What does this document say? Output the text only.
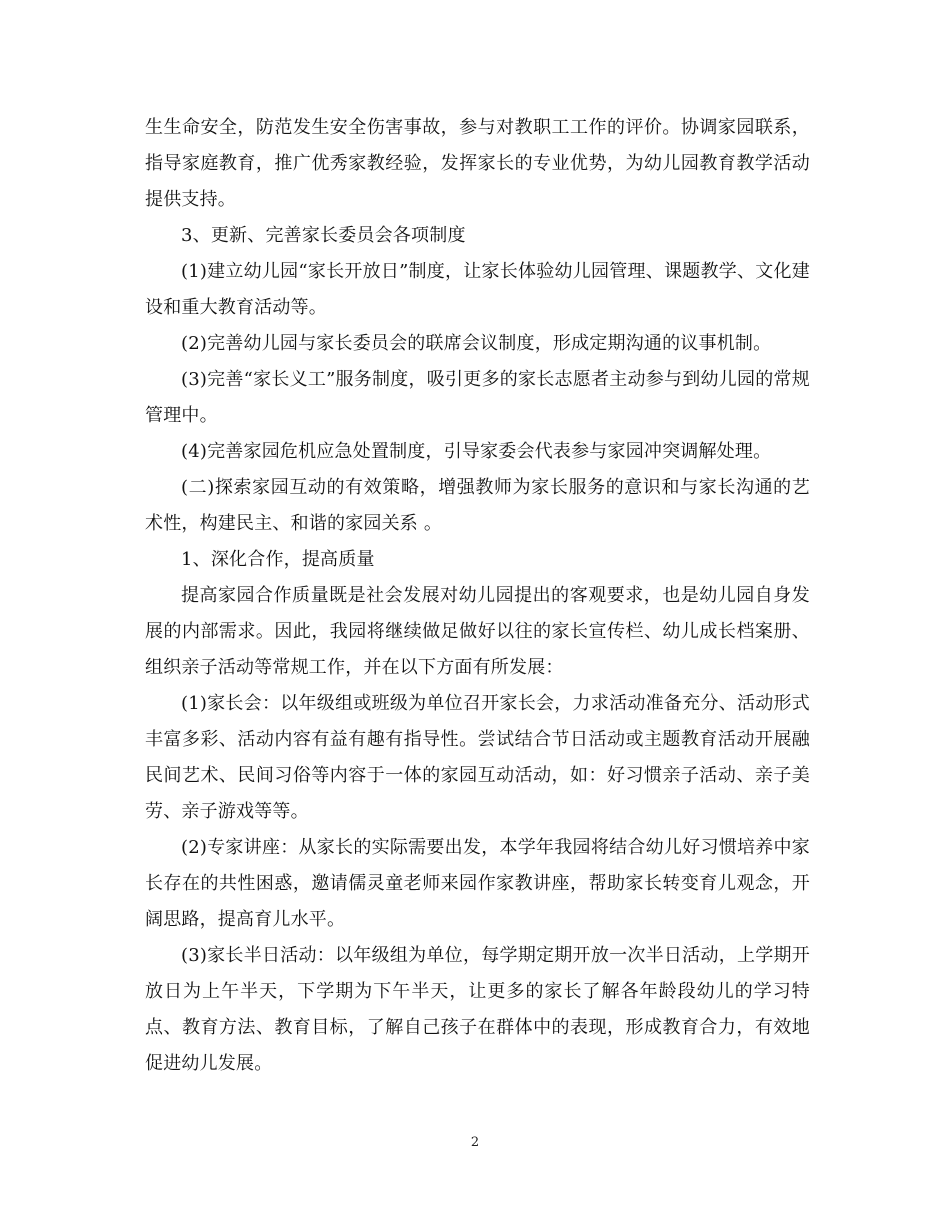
生生命安全，防范发生安全伤害事故，参与对教职工工作的评价。协调家园联系，指导家庭教育，推广优秀家教经验，发挥家长的专业优势，为幼儿园教育教学活动提供支持。

3、更新、完善家长委员会各项制度

(1)建立幼儿园“家长开放日”制度，让家长体验幼儿园管理、课题教学、文化建设和重大教育活动等。

(2)完善幼儿园与家长委员会的联席会议制度，形成定期沟通的议事机制。

(3)完善“家长义工”服务制度，吸引更多的家长志愿者主动参与到幼儿园的常规管理中。

(4)完善家园危机应急处置制度，引导家委会代表参与家园冲突调解处理。

(二)探索家园互动的有效策略，增强教师为家长服务的意识和与家长沟通的艺术性，构建民主、和谐的家园关系 。

1、深化合作，提高质量

提高家园合作质量既是社会发展对幼儿园提出的客观要求，也是幼儿园自身发展的内部需求。因此，我园将继续做足做好以往的家长宣传栏、幼儿成长档案册、组织亲子活动等常规工作，并在以下方面有所发展：

(1)家长会：以年级组或班级为单位召开家长会，力求活动准备充分、活动形式丰富多彩、活动内容有益有趣有指导性。尝试结合节日活动或主题教育活动开展融民间艺术、民间习俗等内容于一体的家园互动活动，如：好习惯亲子活动、亲子美劳、亲子游戏等等。

(2)专家讲座：从家长的实际需要出发，本学年我园将结合幼儿好习惯培养中家长存在的共性困惑，邀请儒灵童老师来园作家教讲座，帮助家长转变育儿观念，开阔思路，提高育儿水平。

(3)家长半日活动：以年级组为单位，每学期定期开放一次半日活动，上学期开放日为上午半天，下学期为下午半天，让更多的家长了解各年龄段幼儿的学习特点、教育方法、教育目标，了解自己孩子在群体中的表现，形成教育合力，有效地促进幼儿发展。

2
